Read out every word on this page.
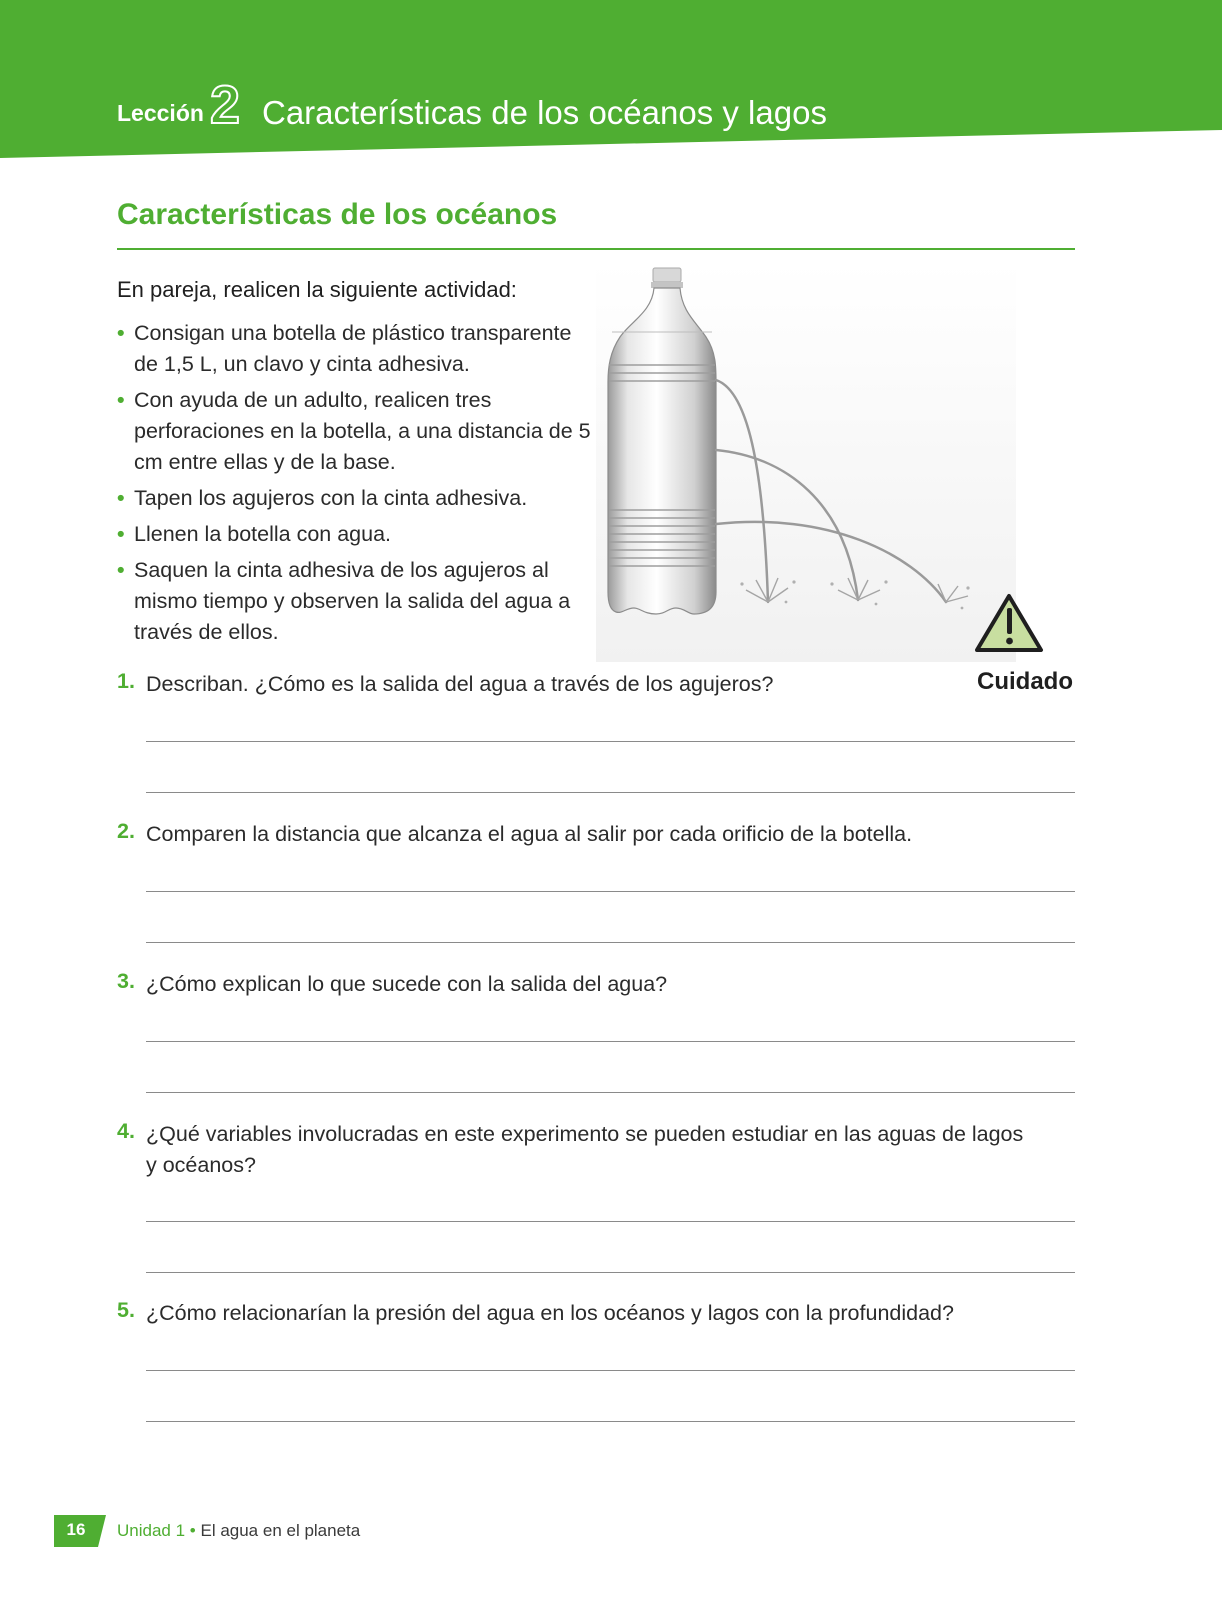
Lección 2 Características de los océanos y lagos
Características de los océanos
En pareja, realicen la siguiente actividad:
• Consigan una botella de plástico transparente de 1,5 L, un clavo y cinta adhesiva.
• Con ayuda de un adulto, realicen tres perforaciones en la botella, a una distancia de 5 cm entre ellas y de la base.
• Tapen los agujeros con la cinta adhesiva.
• Llenen la botella con agua.
• Saquen la cinta adhesiva de los agujeros al mismo tiempo y observen la salida del agua a través de ellos.
Cuidado
1. Describan. ¿Cómo es la salida del agua a través de los agujeros?
2. Comparen la distancia que alcanza el agua al salir por cada orificio de la botella.
3. ¿Cómo explican lo que sucede con la salida del agua?
4. ¿Qué variables involucradas en este experimento se pueden estudiar en las aguas de lagos y océanos?
5. ¿Cómo relacionarían la presión del agua en los océanos y lagos con la profundidad?
16	Unidad 1 • El agua en el planeta
